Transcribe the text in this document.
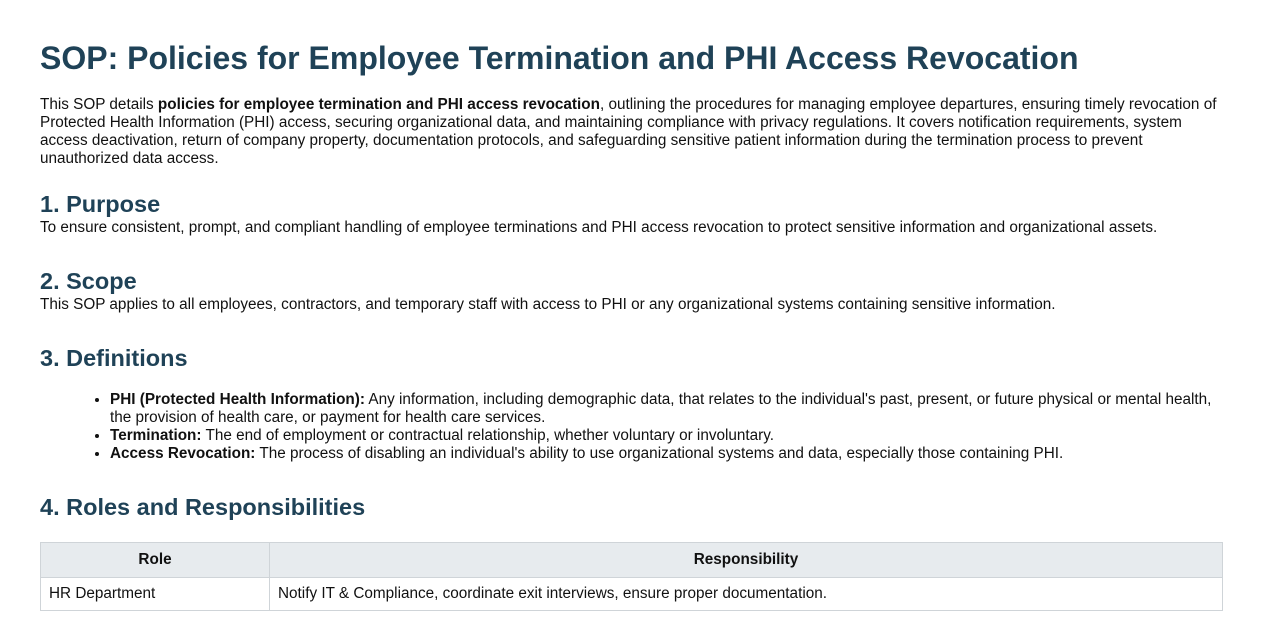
SOP: Policies for Employee Termination and PHI Access Revocation

This SOP details policies for employee termination and PHI access revocation, outlining the procedures for managing employee departures, ensuring timely revocation of Protected Health Information (PHI) access, securing organizational data, and maintaining compliance with privacy regulations. It covers notification requirements, system access deactivation, return of company property, documentation protocols, and safeguarding sensitive patient information during the termination process to prevent unauthorized data access.

1. Purpose

To ensure consistent, prompt, and compliant handling of employee terminations and PHI access revocation to protect sensitive information and organizational assets.

2. Scope

This SOP applies to all employees, contractors, and temporary staff with access to PHI or any organizational systems containing sensitive information.

3. Definitions
• PHI (Protected Health Information): Any information, including demographic data, that relates to the individual's past, present, or future physical or mental health, the provision of health care, or payment for health care services.
• Termination: The end of employment or contractual relationship, whether voluntary or involuntary.
• Access Revocation: The process of disabling an individual's ability to use organizational systems and data, especially those containing PHI.
4. Roles and Responsibilities
Role	Responsibility
HR Department	Notify IT & Compliance, coordinate exit interviews, ensure proper documentation.
